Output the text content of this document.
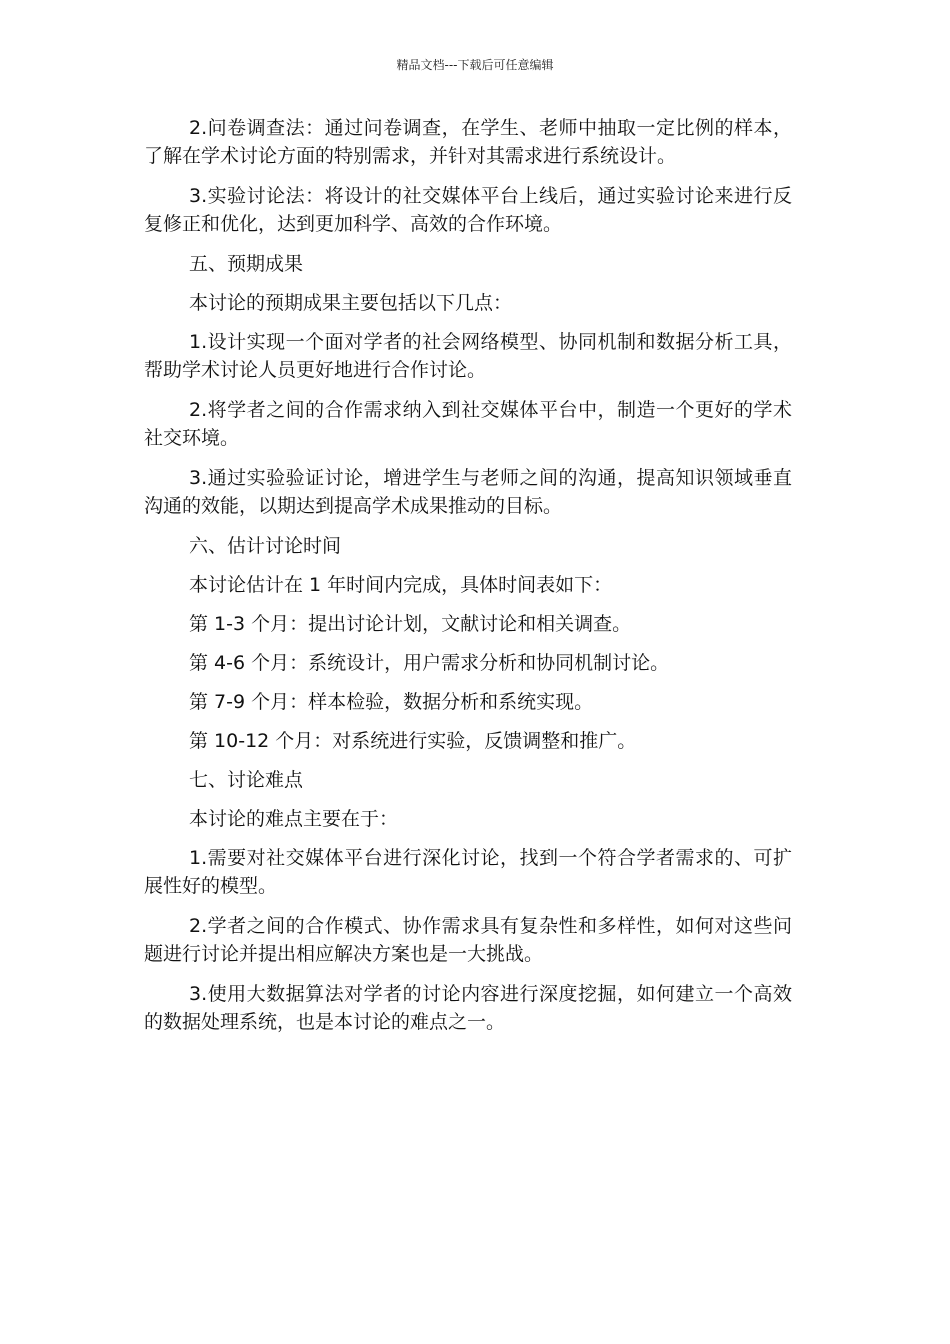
精品文档---下载后可任意编辑

2.问卷调查法：通过问卷调查，在学生、老师中抽取一定比例的样本，了解在学术讨论方面的特别需求，并针对其需求进行系统设计。

3.实验讨论法：将设计的社交媒体平台上线后，通过实验讨论来进行反复修正和优化，达到更加科学、高效的合作环境。

五、预期成果

本讨论的预期成果主要包括以下几点：

1.设计实现一个面对学者的社会网络模型、协同机制和数据分析工具，帮助学术讨论人员更好地进行合作讨论。

2.将学者之间的合作需求纳入到社交媒体平台中，制造一个更好的学术社交环境。

3.通过实验验证讨论，增进学生与老师之间的沟通，提高知识领域垂直沟通的效能，以期达到提高学术成果推动的目标。

六、估计讨论时间

本讨论估计在 1 年时间内完成，具体时间表如下：

第 1-3 个月：提出讨论计划，文献讨论和相关调查。

第 4-6 个月：系统设计，用户需求分析和协同机制讨论。

第 7-9 个月：样本检验，数据分析和系统实现。

第 10-12 个月：对系统进行实验，反馈调整和推广。

七、讨论难点

本讨论的难点主要在于：

1.需要对社交媒体平台进行深化讨论，找到一个符合学者需求的、可扩展性好的模型。

2.学者之间的合作模式、协作需求具有复杂性和多样性，如何对这些问题进行讨论并提出相应解决方案也是一大挑战。

3.使用大数据算法对学者的讨论内容进行深度挖掘，如何建立一个高效的数据处理系统，也是本讨论的难点之一。
